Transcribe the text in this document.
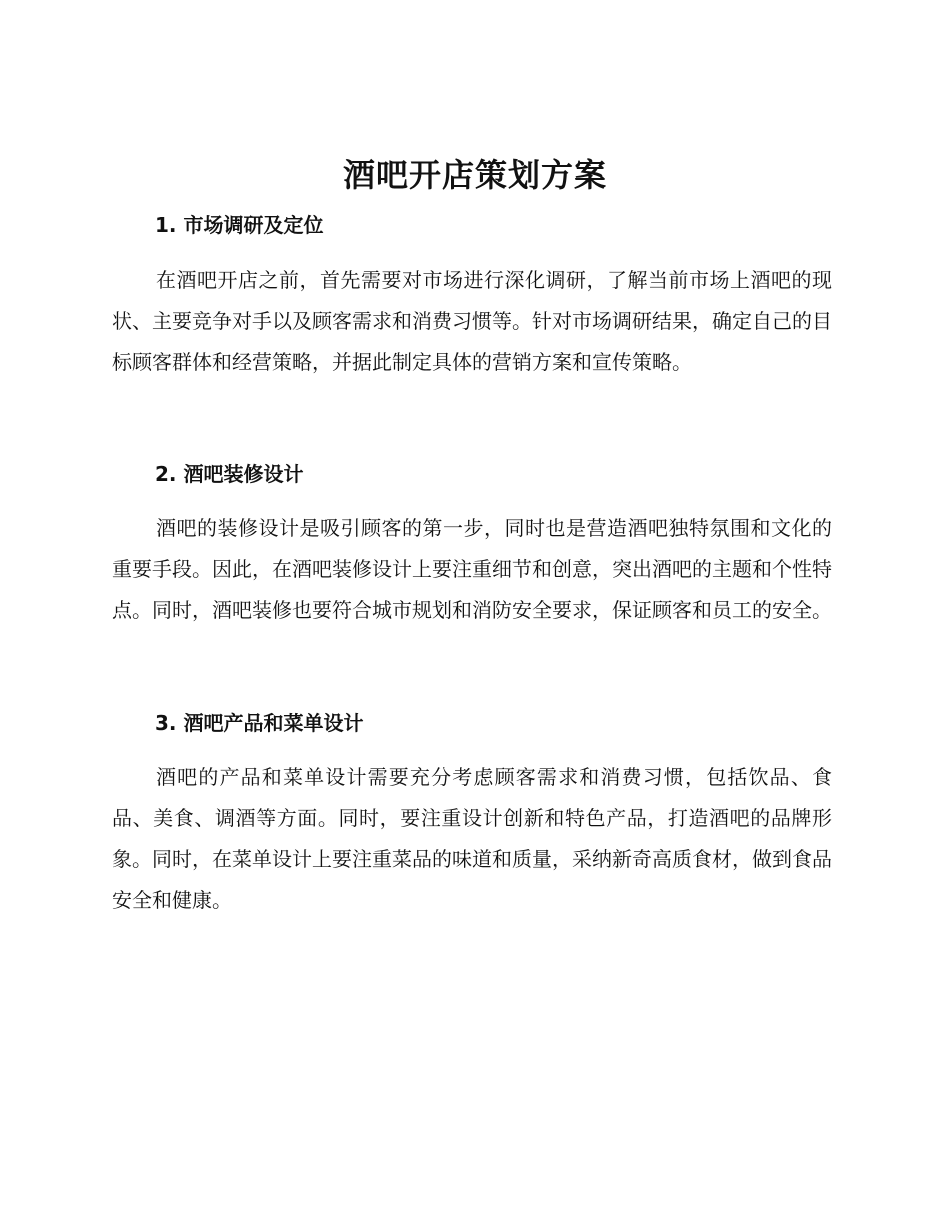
酒吧开店策划方案
1. 市场调研及定位

在酒吧开店之前，首先需要对市场进行深化调研，了解当前市场上酒吧的现状、主要竞争对手以及顾客需求和消费习惯等。针对市场调研结果，确定自己的目标顾客群体和经营策略，并据此制定具体的营销方案和宣传策略。

2. 酒吧装修设计

酒吧的装修设计是吸引顾客的第一步，同时也是营造酒吧独特氛围和文化的重要手段。因此，在酒吧装修设计上要注重细节和创意，突出酒吧的主题和个性特点。同时，酒吧装修也要符合城市规划和消防安全要求，保证顾客和员工的安全。

3. 酒吧产品和菜单设计

酒吧的产品和菜单设计需要充分考虑顾客需求和消费习惯，包括饮品、食品、美食、调酒等方面。同时，要注重设计创新和特色产品，打造酒吧的品牌形象。同时，在菜单设计上要注重菜品的味道和质量，采纳新奇高质食材，做到食品安全和健康。
